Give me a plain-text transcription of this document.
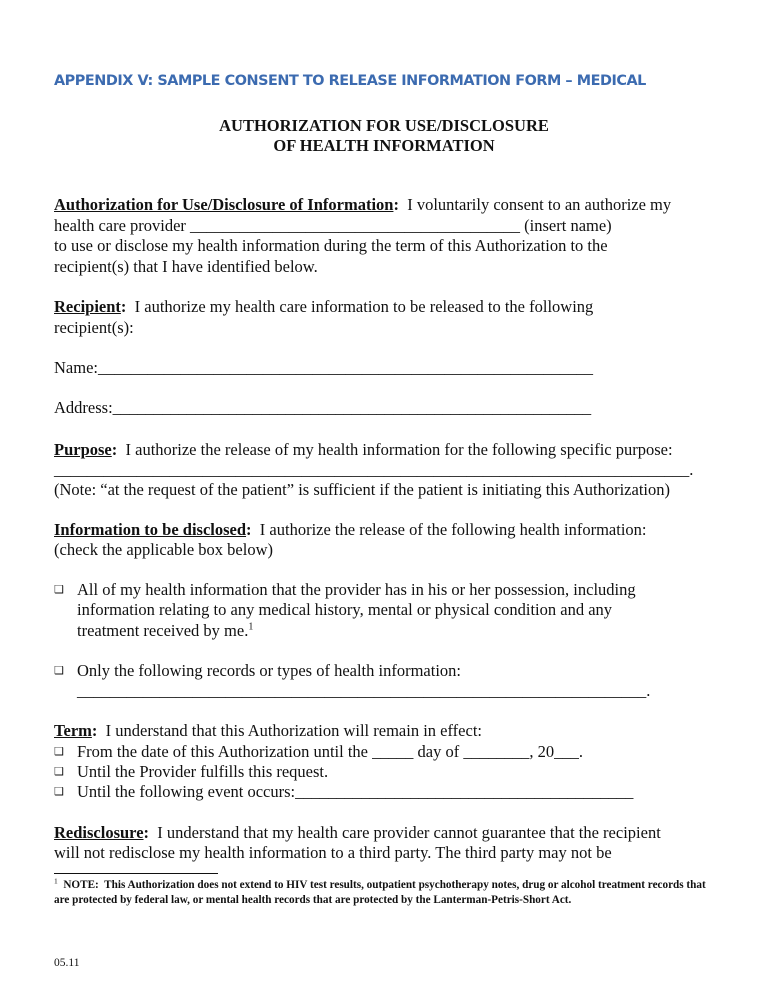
APPENDIX V: SAMPLE CONSENT TO RELEASE INFORMATION FORM – MEDICAL
AUTHORIZATION FOR USE/DISCLOSURE
OF HEALTH INFORMATION
Authorization for Use/Disclosure of Information:  I voluntarily consent to an authorize my
health care provider ________________________________________ (insert name)
to use or disclose my health information during the term of this Authorization to the
recipient(s) that I have identified below.
Recipient:  I authorize my health care information to be released to the following
recipient(s):
Name:____________________________________________________________
Address:__________________________________________________________
Purpose:  I authorize the release of my health information for the following specific purpose:
_____________________________________________________________________________.
(Note: “at the request of the patient” is sufficient if the patient is initiating this Authorization)
Information to be disclosed:  I authorize the release of the following health information:
(check the applicable box below)
❑ All of my health information that the provider has in his or her possession, including
information relating to any medical history, mental or physical condition and any
treatment received by me.$^1$
❑ Only the following records or types of health information:
_____________________________________________________________________.
Term:  I understand that this Authorization will remain in effect:
❑ From the date of this Authorization until the _____ day of ________, 20___.
❑ Until the Provider fulfills this request.
❑ Until the following event occurs:_________________________________________
Redisclosure:  I understand that my health care provider cannot guarantee that the recipient
will not redisclose my health information to a third party. The third party may not be
$^1$  NOTE:  This Authorization does not extend to HIV test results, outpatient psychotherapy notes, drug or alcohol treatment records that are protected by federal law, or mental health records that are protected by the Lanterman-Petris-Short Act.
05.11
